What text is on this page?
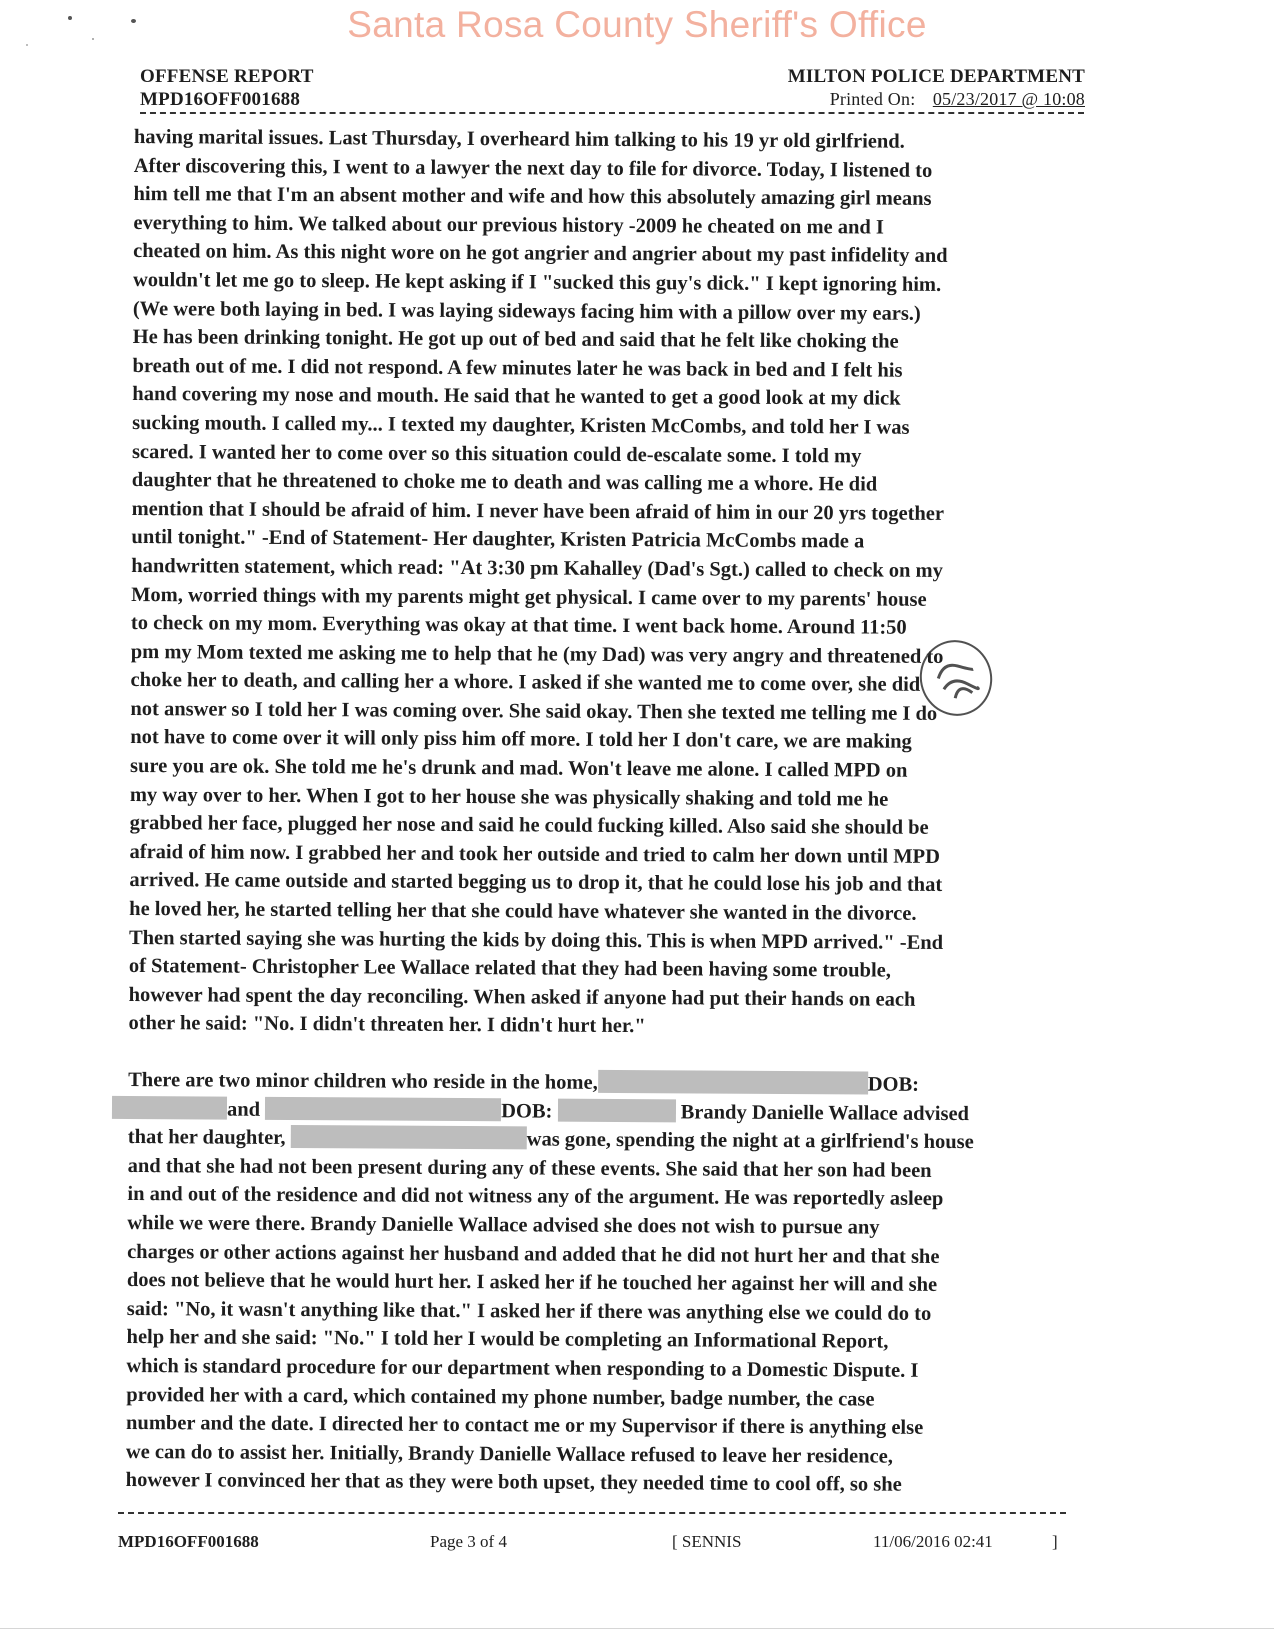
Santa Rosa County Sheriff's Office
OFFENSE REPORT
MPD16OFF001688
MILTON POLICE DEPARTMENT
Printed On: 05/23/2017 @ 10:08
having marital issues. Last Thursday, I overheard him talking to his 19 yr old girlfriend.
After discovering this, I went to a lawyer the next day to file for divorce. Today, I listened to
him tell me that I'm an absent mother and wife and how this absolutely amazing girl means
everything to him. We talked about our previous history -2009 he cheated on me and I
cheated on him. As this night wore on he got angrier and angrier about my past infidelity and
wouldn't let me go to sleep. He kept asking if I "sucked this guy's dick." I kept ignoring him.
(We were both laying in bed. I was laying sideways facing him with a pillow over my ears.)
He has been drinking tonight. He got up out of bed and said that he felt like choking the
breath out of me. I did not respond. A few minutes later he was back in bed and I felt his
hand covering my nose and mouth. He said that he wanted to get a good look at my dick
sucking mouth. I called my... I texted my daughter, Kristen McCombs, and told her I was
scared. I wanted her to come over so this situation could de-escalate some. I told my
daughter that he threatened to choke me to death and was calling me a whore. He did
mention that I should be afraid of him. I never have been afraid of him in our 20 yrs together
until tonight." -End of Statement- Her daughter, Kristen Patricia McCombs made a
handwritten statement, which read: "At 3:30 pm Kahalley (Dad's Sgt.) called to check on my
Mom, worried things with my parents might get physical. I came over to my parents' house
to check on my mom. Everything was okay at that time. I went back home. Around 11:50
pm my Mom texted me asking me to help that he (my Dad) was very angry and threatened to
choke her to death, and calling her a whore. I asked if she wanted me to come over, she did
not answer so I told her I was coming over. She said okay. Then she texted me telling me I do
not have to come over it will only piss him off more. I told her I don't care, we are making
sure you are ok. She told me he's drunk and mad. Won't leave me alone. I called MPD on
my way over to her. When I got to her house she was physically shaking and told me he
grabbed her face, plugged her nose and said he could fucking killed. Also said she should be
afraid of him now. I grabbed her and took her outside and tried to calm her down until MPD
arrived. He came outside and started begging us to drop it, that he could lose his job and that
he loved her, he started telling her that she could have whatever she wanted in the divorce.
Then started saying she was hurting the kids by doing this. This is when MPD arrived." -End
of Statement- Christopher Lee Wallace related that they had been having some trouble,
however had spent the day reconciling. When asked if anyone had put their hands on each
other he said: "No. I didn't threaten her. I didn't hurt her."
There are two minor children who reside in the home,	DOB:
and	DOB:	Brandy Danielle Wallace advised
that her daughter,	was gone, spending the night at a girlfriend's house
and that she had not been present during any of these events. She said that her son had been
in and out of the residence and did not witness any of the argument. He was reportedly asleep
while we were there. Brandy Danielle Wallace advised she does not wish to pursue any
charges or other actions against her husband and added that he did not hurt her and that she
does not believe that he would hurt her. I asked her if he touched her against her will and she
said: "No, it wasn't anything like that." I asked her if there was anything else we could do to
help her and she said: "No." I told her I would be completing an Informational Report,
which is standard procedure for our department when responding to a Domestic Dispute. I
provided her with a card, which contained my phone number, badge number, the case
number and the date. I directed her to contact me or my Supervisor if there is anything else
we can do to assist her. Initially, Brandy Danielle Wallace refused to leave her residence,
however I convinced her that as they were both upset, they needed time to cool off, so she
MPD16OFF001688	Page 3 of 4	[ SENNIS	11/06/2016 02:41	]
